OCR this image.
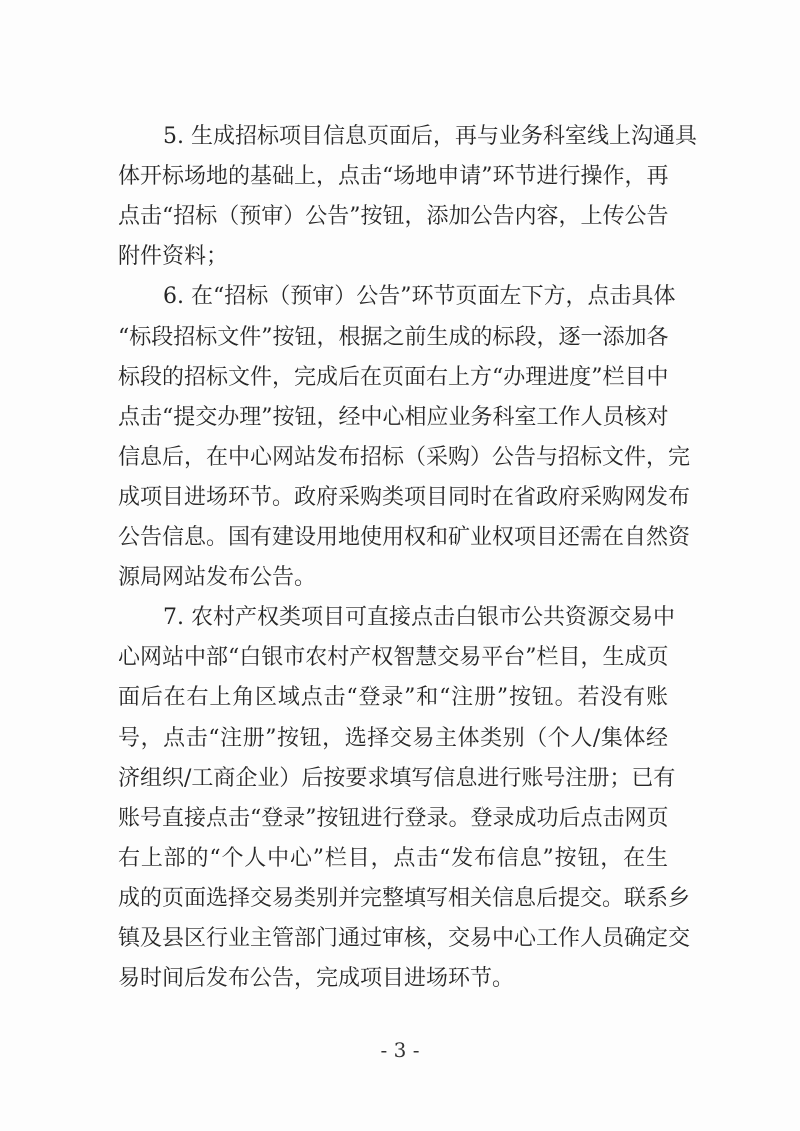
5. 生成招标项目信息页面后，再与业务科室线上沟通具
体开标场地的基础上，点击“场地申请”环节进行操作，再
点击“招标（预审）公告”按钮，添加公告内容，上传公告
附件资料；
6. 在“招标（预审）公告”环节页面左下方，点击具体
“标段招标文件”按钮，根据之前生成的标段，逐一添加各
标段的招标文件，完成后在页面右上方“办理进度”栏目中
点击“提交办理”按钮，经中心相应业务科室工作人员核对
信息后，在中心网站发布招标（采购）公告与招标文件，完
成项目进场环节。政府采购类项目同时在省政府采购网发布
公告信息。国有建设用地使用权和矿业权项目还需在自然资
源局网站发布公告。
7. 农村产权类项目可直接点击白银市公共资源交易中
心网站中部“白银市农村产权智慧交易平台”栏目，生成页
面后在右上角区域点击“登录”和“注册”按钮。若没有账
号，点击“注册”按钮，选择交易主体类别（个人/集体经
济组织/工商企业）后按要求填写信息进行账号注册；已有
账号直接点击“登录”按钮进行登录。登录成功后点击网页
右上部的“个人中心”栏目，点击“发布信息”按钮，在生
成的页面选择交易类别并完整填写相关信息后提交。联系乡
镇及县区行业主管部门通过审核，交易中心工作人员确定交
易时间后发布公告，完成项目进场环节。
- 3 -
